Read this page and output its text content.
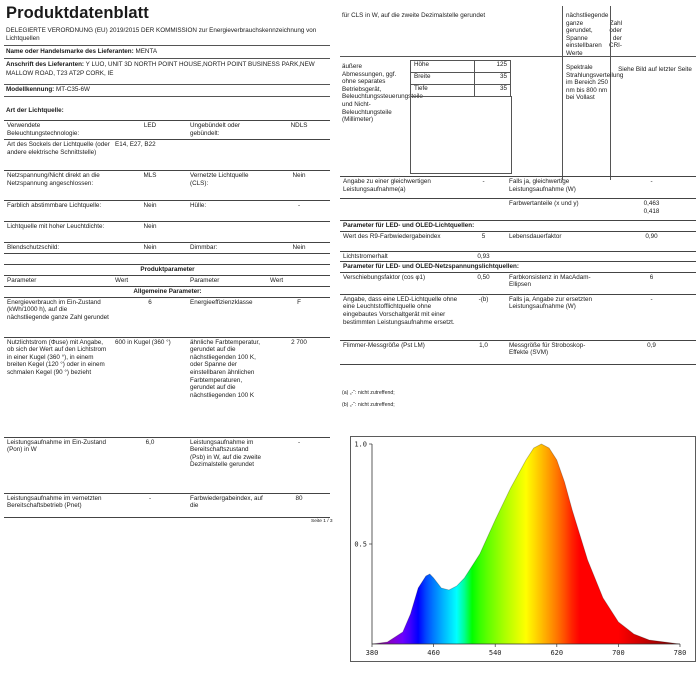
Produktdatenblatt
DELEGIERTE VERORDNUNG (EU) 2019/2015 DER KOMMISSION zur Energieverbrauchskennzeichnung von Lichtquellen
Name oder Handelsmarke des Lieferanten: MENTA
Anschrift des Lieferanten: Y LUO, UNIT 3D NORTH POINT HOUSE,NORTH POINT BUSINESS PARK,NEW MALLOW ROAD, T23 AT2P CORK, IE
Modellkennung: MT-C35-6W
Art der Lichtquelle:
Verwendete Beleuchtungstechnologie:	LED	Ungebündelt oder gebündelt:	NDLS
Art des Sockels der Lichtquelle (oder andere elektrische Schnittstelle)	E14, E27, B22		
Netzspannung/Nicht direkt an die Netzspannung angeschlossen:	MLS	Vernetzte Lichtquelle (CLS):	Nein
Farblich abstimmbare Lichtquelle:	Nein	Hülle:	-
Lichtquelle mit hoher Leuchtdichte:	Nein		
Blendschutzschild:	Nein	Dimmbar:	Nein
Produktparameter			
Parameter	Wert	Parameter	Wert
Allgemeine Parameter:			
Energieverbrauch im Ein-Zustand (kWh/1000 h), auf die nächstliegende ganze Zahl gerundet	6	Energieeffizienzklasse	F
Nutzlichtstrom (Φuse) mit Angabe, ob sich der Wert auf den Lichtstrom in einer Kugel (360 °), in einem breiten Kegel (120 °) oder in einem schmalen Kegel (90 °) bezieht	600 in Kugel (360 °)	ähnliche Farbtemperatur, gerundet auf die nächstliegenden 100 K, oder Spanne der einstellbaren ähnlichen Farbtemperaturen, gerundet auf die nächstliegenden 100 K	2 700
Leistungsaufnahme im Ein-Zustand (Pon) in W	6,0	Leistungsaufnahme im Bereitschaftszustand (Psb) in W, auf die zweite Dezimalstelle gerundet	-
Leistungsaufnahme im vernetzten Bereitschaftsbetrieb (Pnet)	-	Farbwiedergabeindex, auf die	80
Seite 1 / 3
für CLS in W, auf die zweite Dezimalstelle gerundet	nächstliegende ganze Zahl gerundet, oder Spanne der einstellbaren CRI-Werte
äußere Abmessungen, ggf. ohne separates Betriebsgerät, Beleuchtungssteuerungsteile und Nicht-Beleuchtungsteile (Millimeter)
Höhe	125
Breite	35
Tiefe	35
Spektrale Strahlungsverteilung im Bereich 250 nm bis 800 nm bei Vollast
Siehe Bild auf letzter Seite
Angabe zu einer gleichwertigen Leistungsaufnahme(a)	-	Falls ja, gleichwertige Leistungsaufnahme (W)	-
		Farbwertanteile (x und y)	0,463
0,418

Parameter für LED- und OLED-Lichtquellen:			
Wert des R9-Farbwiedergabeindex	5	Lebensdauerfaktor	0,90
Lichtstromerhalt	0,93		
Parameter für LED- und OLED-Netzspannungslichtquellen:			
Verschiebungsfaktor (cos φ1)	0,50	Farbkonsistenz in MacAdam-Ellipsen	6
Angabe, dass eine LED-Lichtquelle ohne eine Leuchtstofflichtquelle ohne eingebautes Vorschaltgerät mit einer bestimmten Leistungsaufnahme ersetzt.	-(b)	Falls ja, Angabe zur ersetzten Leistungsaufnahme (W)	-
Flimmer-Messgröße (Pst LM)	1,0	Messgröße für Stroboskop-Effekte (SVM)	0,9
(a) „-“: nicht zutreffend;
(b) „-“: nicht zutreffend;
380	460	540	620	700	780
0.5
1.0
